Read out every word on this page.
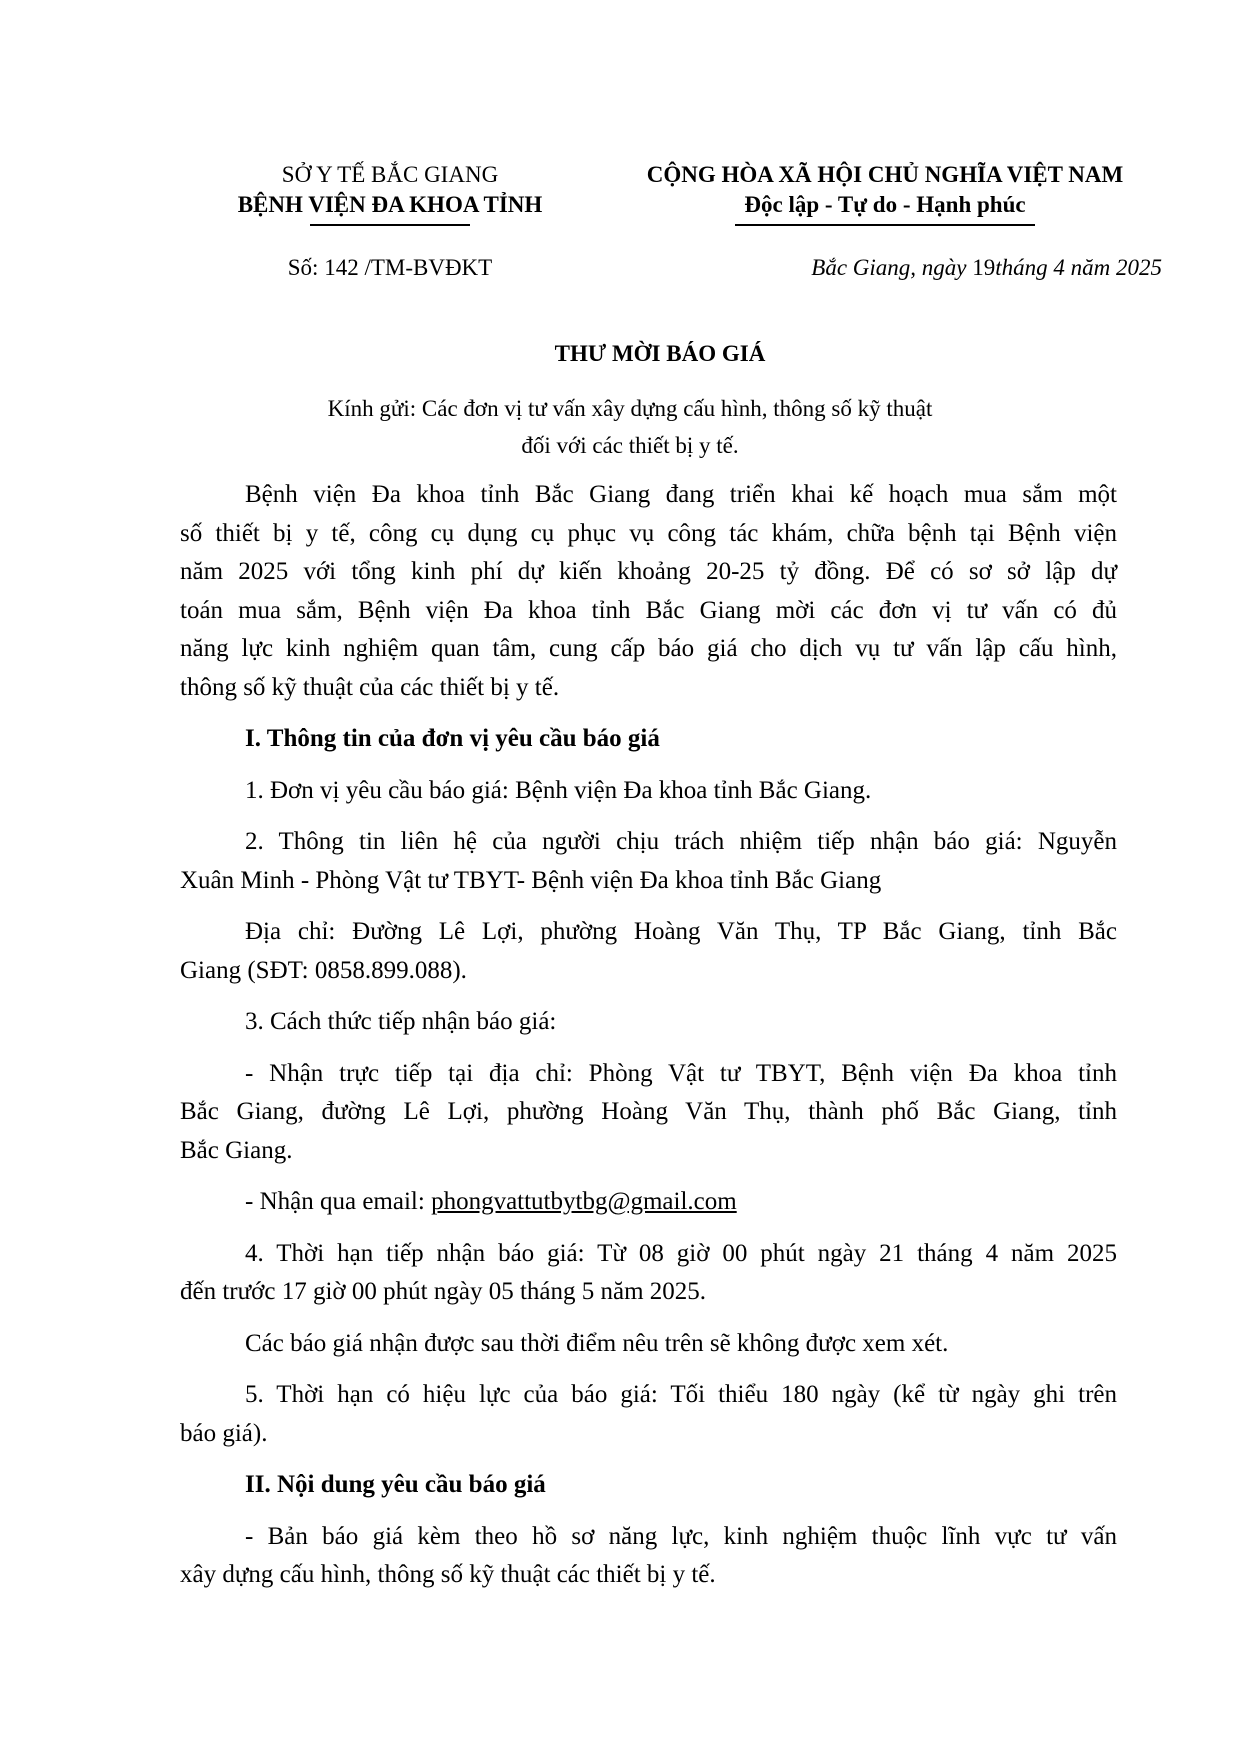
SỞ Y TẾ BẮC GIANG
BỆNH VIỆN ĐA KHOA TỈNH
CỘNG HÒA XÃ HỘI CHỦ NGHĨA VIỆT NAM
Độc lập - Tự do - Hạnh phúc
Số: 142 /TM-BVĐKT	Bắc Giang, ngày 19tháng 4 năm 2025
THƯ MỜI BÁO GIÁ
Kính gửi: Các đơn vị tư vấn xây dựng cấu hình, thông số kỹ thuật
đối với các thiết bị y tế.
Bệnh viện Đa khoa tỉnh Bắc Giang đang triển khai kế hoạch mua sắm một
số thiết bị y tế, công cụ dụng cụ phục vụ công tác khám, chữa bệnh tại Bệnh viện
năm 2025 với tổng kinh phí dự kiến khoảng 20-25 tỷ đồng. Để có sơ sở lập dự
toán mua sắm, Bệnh viện Đa khoa tỉnh Bắc Giang mời các đơn vị tư vấn có đủ
năng lực kinh nghiệm quan tâm, cung cấp báo giá cho dịch vụ tư vấn lập cấu hình,
thông số kỹ thuật của các thiết bị y tế.
I. Thông tin của đơn vị yêu cầu báo giá
1. Đơn vị yêu cầu báo giá: Bệnh viện Đa khoa tỉnh Bắc Giang.
2. Thông tin liên hệ của người chịu trách nhiệm tiếp nhận báo giá: Nguyễn
Xuân Minh - Phòng Vật tư TBYT- Bệnh viện Đa khoa tỉnh Bắc Giang
Địa chỉ: Đường Lê Lợi, phường Hoàng Văn Thụ, TP Bắc Giang, tỉnh Bắc
Giang (SĐT: 0858.899.088).
3. Cách thức tiếp nhận báo giá:
- Nhận trực tiếp tại địa chỉ: Phòng Vật tư TBYT, Bệnh viện Đa khoa tỉnh
Bắc Giang, đường Lê Lợi, phường Hoàng Văn Thụ, thành phố Bắc Giang, tỉnh
Bắc Giang.
- Nhận qua email: phongvattutbytbg@gmail.com
4. Thời hạn tiếp nhận báo giá: Từ 08 giờ 00 phút ngày 21 tháng 4 năm 2025
đến trước 17 giờ 00 phút ngày 05 tháng 5 năm 2025.
Các báo giá nhận được sau thời điểm nêu trên sẽ không được xem xét.
5. Thời hạn có hiệu lực của báo giá: Tối thiểu 180 ngày (kể từ ngày ghi trên
báo giá).
II. Nội dung yêu cầu báo giá
- Bản báo giá kèm theo hồ sơ năng lực, kinh nghiệm thuộc lĩnh vực tư vấn
xây dựng cấu hình, thông số kỹ thuật các thiết bị y tế.
